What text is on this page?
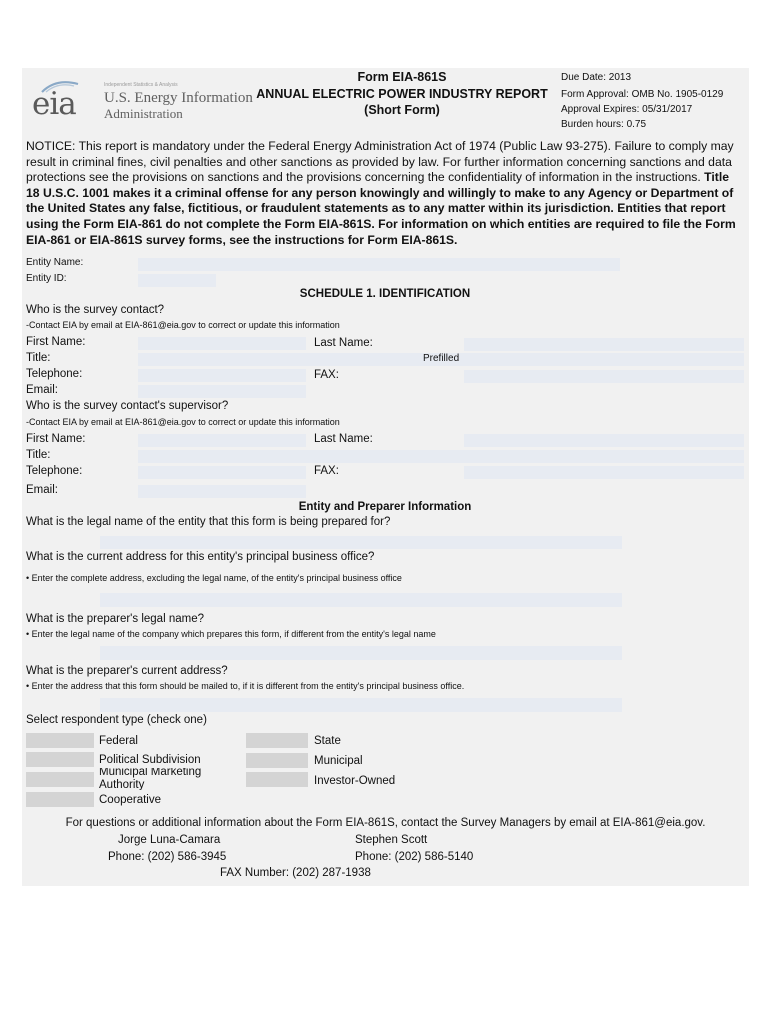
eia
Independent Statistics & Analysis
U.S. Energy Information
Administration
Form EIA-861S
ANNUAL ELECTRIC POWER INDUSTRY REPORT
(Short Form)
Due Date: 2013
Form Approval: OMB No. 1905-0129
Approval Expires: 05/31/2017
Burden hours: 0.75
NOTICE: This report is mandatory under the Federal Energy Administration Act of 1974 (Public Law 93-275). Failure to comply may result in criminal fines, civil penalties and other sanctions as provided by law. For further information concerning sanctions and data protections see the provisions on sanctions and the provisions concerning the confidentiality of information in the instructions. Title 18 U.S.C. 1001 makes it a criminal offense for any person knowingly and willingly to make to any Agency or Department of the United States any false, fictitious, or fraudulent statements as to any matter within its jurisdiction. Entities that report using the Form EIA-861 do not complete the Form EIA-861S. For information on which entities are required to file the Form EIA-861 or EIA-861S survey forms, see the instructions for Form EIA-861S.
Entity Name:
Entity ID:
SCHEDULE 1. IDENTIFICATION
Who is the survey contact?
-Contact EIA by email at EIA-861@eia.gov to correct or update this information
First Name:	Last Name:
Title:	Prefilled
Telephone:	FAX:
Email:
Who is the survey contact's supervisor?
-Contact EIA by email at EIA-861@eia.gov to correct or update this information
First Name:	Last Name:
Title:
Telephone:	FAX:
Email:
Entity and Preparer Information
What is the legal name of the entity that this form is being prepared for?
What is the current address for this entity's principal business office?
• Enter the complete address, excluding the legal name, of the entity's principal business office
What is the preparer's legal name?
• Enter the legal name of the company which prepares this form, if different from the entity's legal name
What is the preparer's current address?
• Enter the address that this form should be mailed to, if it is different from the entity's principal business office.
Select respondent type (check one)
Federal
Political Subdivision
Municipal Marketing Authority
Cooperative
State
Municipal
Investor-Owned
For questions or additional information about the Form EIA-861S, contact the Survey Managers by email at EIA-861@eia.gov.
Jorge Luna-Camara
Phone: (202) 586-3945
Stephen Scott
Phone: (202) 586-5140
FAX Number: (202) 287-1938
